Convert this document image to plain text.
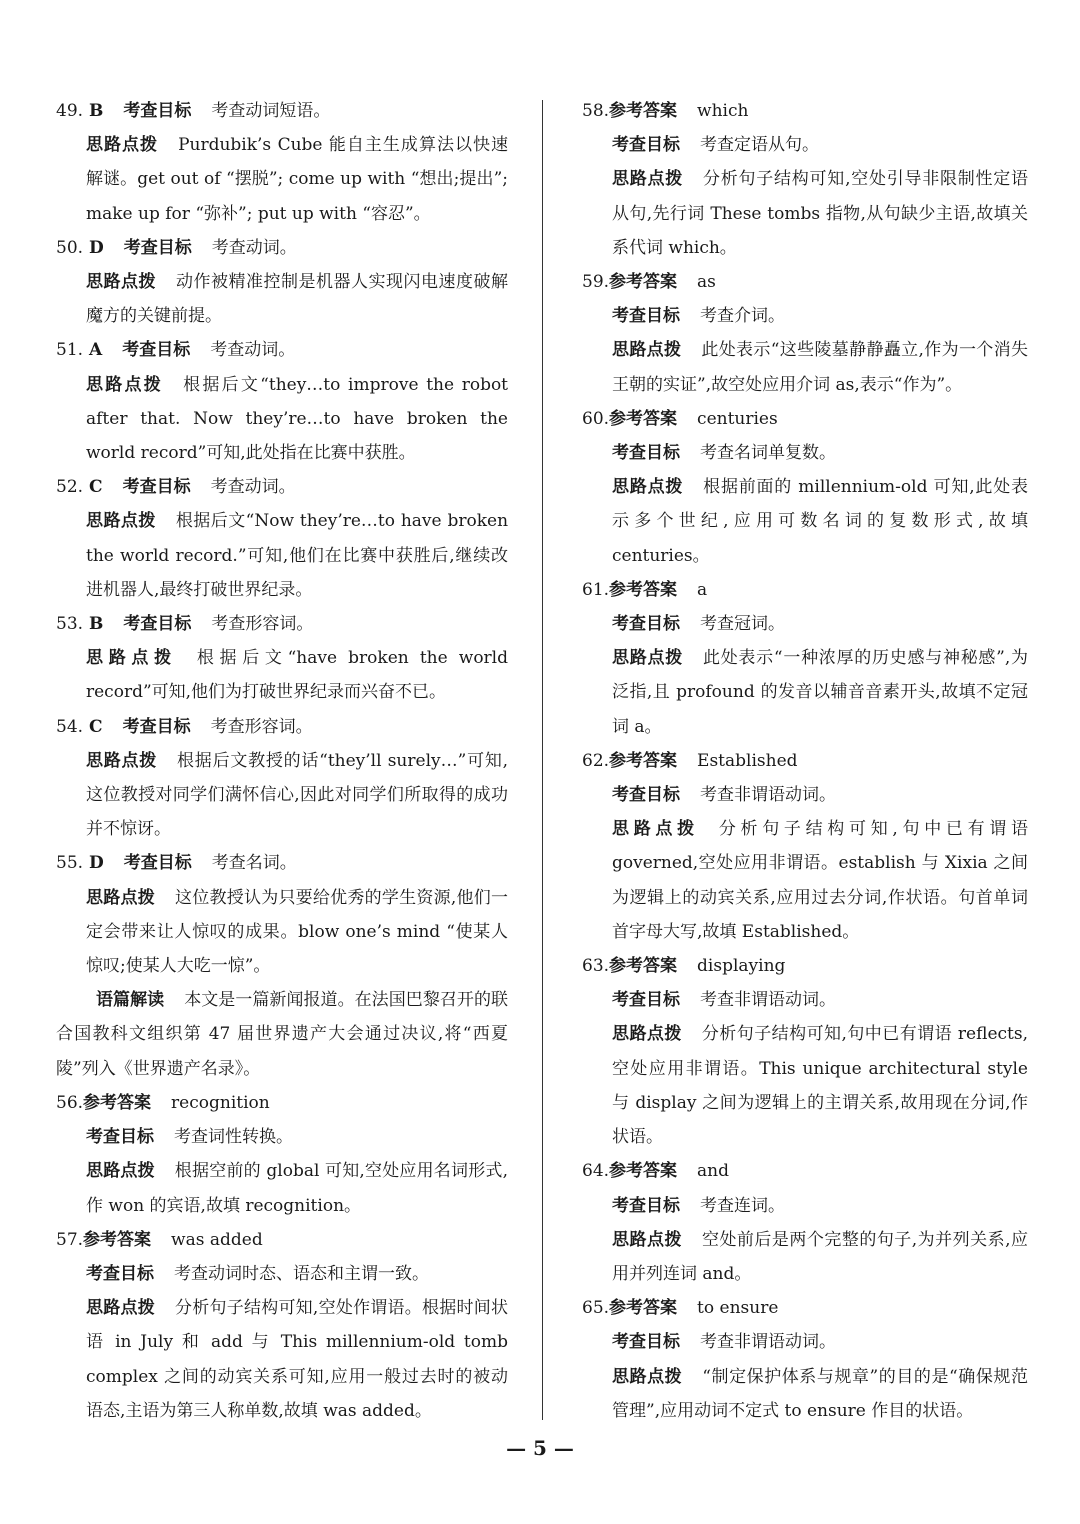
49. B 考查目标 考查动词短语。
思路点拨 Purdubik’s Cube 能自主生成算法以快速解谜。get out of “摆脱”; come up with “想出;提出”; make up for “弥补”; put up with “容忍”。
50. D 考查目标 考查动词。
思路点拨 动作被精准控制是机器人实现闪电速度破解魔方的关键前提。
51. A 考查目标 考查动词。
思路点拨 根据后文“they…to improve the robot after that. Now they’re…to have broken the world record”可知,此处指在比赛中获胜。
52. C 考查目标 考查动词。
思路点拨 根据后文“Now they’re…to have broken the world record.”可知,他们在比赛中获胜后,继续改进机器人,最终打破世界纪录。
53. B 考查目标 考查形容词。
思路点拨 根据后文“have broken the world record”可知,他们为打破世界纪录而兴奋不已。
54. C 考查目标 考查形容词。
思路点拨 根据后文教授的话“they’ll surely…”可知,这位教授对同学们满怀信心,因此对同学们所取得的成功并不惊讶。
55. D 考查目标 考查名词。
思路点拨 这位教授认为只要给优秀的学生资源,他们一定会带来让人惊叹的成果。blow one’s mind “使某人惊叹;使某人大吃一惊”。
语篇解读 本文是一篇新闻报道。在法国巴黎召开的联合国教科文组织第 47 届世界遗产大会通过决议,将“西夏陵”列入《世界遗产名录》。
56.参考答案 recognition
考查目标 考查词性转换。
思路点拨 根据空前的 global 可知,空处应用名词形式,作 won 的宾语,故填 recognition。
57.参考答案 was added
考查目标 考查动词时态、语态和主谓一致。
思路点拨 分析句子结构可知,空处作谓语。根据时间状语 in July 和 add 与 This millennium-old tomb complex 之间的动宾关系可知,应用一般过去时的被动语态,主语为第三人称单数,故填 was added。
58.参考答案 which
考查目标 考查定语从句。
思路点拨 分析句子结构可知,空处引导非限制性定语从句,先行词 These tombs 指物,从句缺少主语,故填关系代词 which。
59.参考答案 as
考查目标 考查介词。
思路点拨 此处表示“这些陵墓静静矗立,作为一个消失王朝的实证”,故空处应用介词 as,表示“作为”。
60.参考答案 centuries
考查目标 考查名词单复数。
思路点拨 根据前面的 millennium-old 可知,此处表示多个世纪,应用可数名词的复数形式,故填 centuries。
61.参考答案 a
考查目标 考查冠词。
思路点拨 此处表示“一种浓厚的历史感与神秘感”,为泛指,且 profound 的发音以辅音音素开头,故填不定冠词 a。
62.参考答案 Established
考查目标 考查非谓语动词。
思路点拨 分析句子结构可知,句中已有谓语 governed,空处应用非谓语。establish 与 Xixia 之间为逻辑上的动宾关系,应用过去分词,作状语。句首单词首字母大写,故填 Established。
63.参考答案 displaying
考查目标 考查非谓语动词。
思路点拨 分析句子结构可知,句中已有谓语 reflects,空处应用非谓语。This unique architectural style 与 display 之间为逻辑上的主谓关系,故用现在分词,作状语。
64.参考答案 and
考查目标 考查连词。
思路点拨 空处前后是两个完整的句子,为并列关系,应用并列连词 and。
65.参考答案 to ensure
考查目标 考查非谓语动词。
思路点拨 “制定保护体系与规章”的目的是“确保规范管理”,应用动词不定式 to ensure 作目的状语。
— 5 —
